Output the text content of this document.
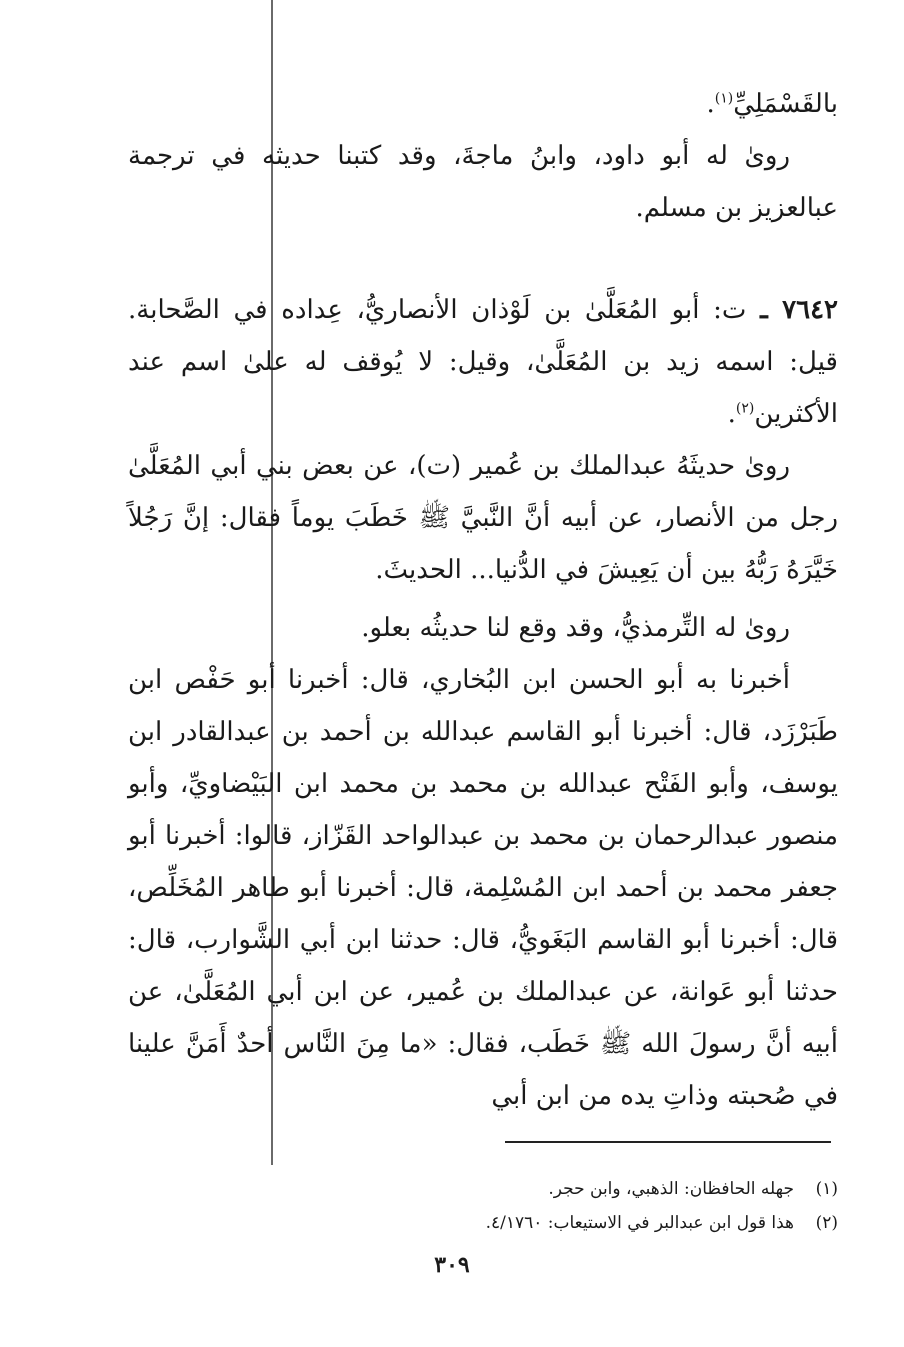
بالقَسْمَلِيِّ$^{(١)}$.

روىٰ له أبو داود، وابنُ ماجةَ، وقد كتبنا حديثه في ترجمة عبالعزيز بن مسلم.

٧٦٤٢ ـ ت: أبو المُعَلَّىٰ بن لَوْذان الأنصاريُّ، عِداده في الصَّحابة. قيل: اسمه زيد بن المُعَلَّىٰ، وقيل: لا يُوقف له علىٰ اسم عند الأكثرين$^{(٢)}$.

روىٰ حديثَهُ عبدالملك بن عُمير (ت)، عن بعض بني أبي المُعَلَّىٰ رجل من الأنصار، عن أبيه أنَّ النَّبيَّ ﷺ خَطَبَ يوماً فقال: إنَّ رَجُلاً خَيَّرَهُ رَبُّهُ بين أن يَعِيشَ في الدُّنيا... الحديثَ.

روىٰ له التِّرمذيُّ، وقد وقع لنا حديثُه بعلو.

أخبرنا به أبو الحسن ابن البُخاري، قال: أخبرنا أبو حَفْص ابن طَبَرْزَد، قال: أخبرنا أبو القاسم عبدالله بن أحمد بن عبدالقادر ابن يوسف، وأبو الفَتْح عبدالله بن محمد بن محمد ابن البَيْضاويِّ، وأبو منصور عبدالرحمان بن محمد بن عبدالواحد القَزّاز، قالوا: أخبرنا أبو جعفر محمد بن أحمد ابن المُسْلِمة، قال: أخبرنا أبو طاهر المُخَلِّص، قال: أخبرنا أبو القاسم البَغَويُّ، قال: حدثنا ابن أبي الشَّوارب، قال: حدثنا أبو عَوانة، عن عبدالملك بن عُمير، عن ابن أبي المُعَلَّىٰ، عن أبيه أنَّ رسولَ الله ﷺ خَطَب، فقال: «ما مِنَ النَّاس أحدٌ أَمَنَّ علينا في صُحبته وذاتِ يده من ابن أبي

(١)جهله الحافظان: الذهبي، وابن حجر.
(٢)هذا قول ابن عبدالبر في الاستيعاب: ٤/١٧٦٠.
٣٠٩
